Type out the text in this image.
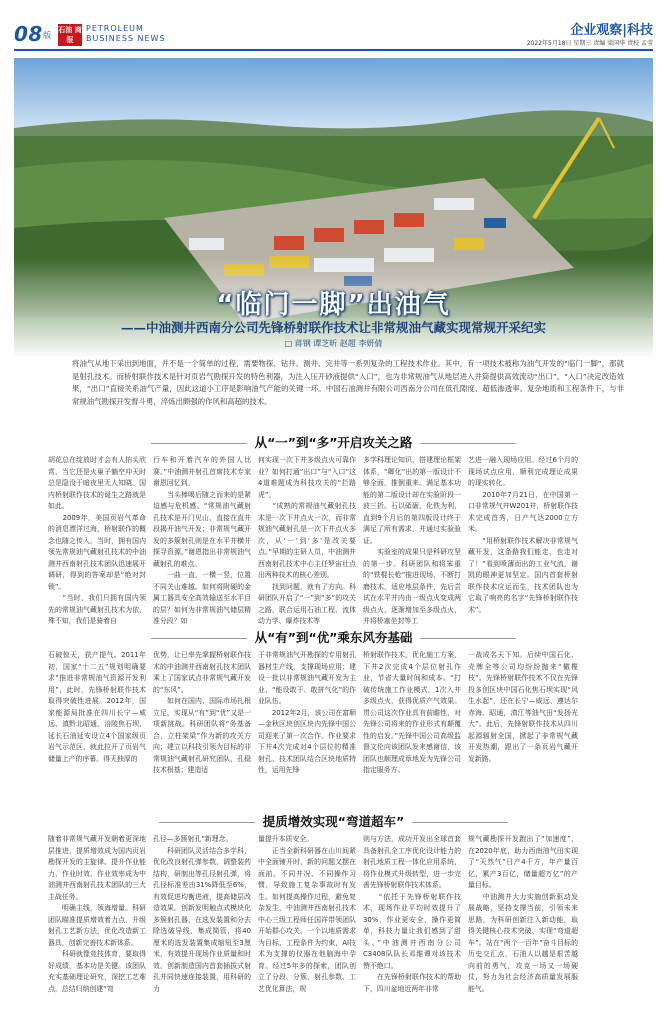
08 版
石油 商报
PETROLEUM
BUSINESS NEWS
企业观察|科技
2022年5月18日 星期三 责编 梁国华 责校 孟莹
“临门一脚”出油气
——中油测井西南分公司先锋桥射联作技术让非常规油气藏实现常规开采纪实
□ 蒋钢 谭芝昕 赵超 李妍倩
将油气从地下采出到地面，并不是一个简单的过程，需要物探、钻井、测井、完井等一系列复杂的工程技术作业。其中，有一项技术被称为油气开发的“临门一脚”，那就是射孔技术。而桥射联作技术是针对页岩气勘探开发的特色利器，为注入压开砂液提供“入口”，也为非常规油气从地层进入井筒提供高效流动“出口”。“入口”决定改造效果，“出口”直接关系油气产量，因此这道小工序是影响油气产能的关键一环。中国石油测井有限公司西南分公司在低孔隙度、超低渗透率、复杂地质和工程条件下，与非常规油气勘探开发督斗勇，淬炼出颇强的作风和高超的技术。
从“一”到“多”开启攻关之路
胡花总在绽放时才会有人拍头欣赏，当它还是火巢子躺空冲天时总是隐没于暗夜里无人知晓。国内桥射联作技术的诞生之路就是如此。
　　2009年，美国页岩气革命的消息漂洋过海，桥射联作的概念也随之传入。当时，拥有国内领先常规油气藏射孔技术的中油测井西南射孔技术团队迅速展开调研，得到的答案却是“绝对封锁”。
　　“当时，我们只拥有国内领先的常规油气藏射孔技术为依，殊不知，我们是骑着自
行车和开着汽车的外国人比赛。”中油测井射孔首席技术专家谢恩回忆到。
　　当头棒喝后随之而来的是紧迫感与危机感。“常规油气藏射孔技术是开门见山，直接在直井段揭开油气开发；非常规气藏开发的多簇射孔则是在水平井横井探寻资源。”谢恩指出非常规油气藏射孔的难点。
　　一曲一直，一横一竖，位置不同关山难越。如何将附硬的金属工器具安全高效输送至水平目的层？如何为非常规油气储层精准分段？如
何实现一次下井多级点火可靠作业？如何打通“出口”与“入口”这4道难题成为科技攻关的“拦路虎”。
　　“成熟的常规油气藏射孔技术是一次下井点火一次，而非常规油气藏射孔是一次下井点火多次，从‘一’到‘多’是改关要点。”早期的主研人员，中油测井西南射孔技术中心主任罗宙壮点出两种技术的核心差别。
　　找到问题，就有了方向。科研团队开启了“一”到“多”的攻关之路，联合运用石油工程、流体动力学、爆炸技术等
多学科理论知识，搭建理论框架体系，“卿化”出的第一版设计不够全面，推倒重来。满足基本功能的第二版设计却在实验阶段一波三折。石以砥砺，化铁为利，直到9个月后的第四版设计终于满足了所有需求，并通过实验验证。
　　实验室的成果只是科研攻坚的第一步。科研团队和将笨重的“铁棍长枪”推进现场，不断打磨技术，适应地层条件，先后尝试在水平井内由一级点火变成两级点火，逐渐增加至多级点火，并将桥塞坐封等工
艺进一融入现场应用。经过6个月的现场试点应用，顺利完成理论成果的现实转化。
　　2010年7月21日，在中国第一口非常规气井W201井，桥射联作技术完成首秀，日产气达2000立方米。
　　“用桥射联作技术解决非常规气藏开发，这条路我们能走，也走对了！”看到喷薄而出的工业气流，谢凯的眼神更加坚定。国内首套桥射联作技术应运而生，技术团队也为它取了响亮的名字“先锋桥射联作技术”。
从“有”到“优”乘东风夯基础
石破惊天，获产提气。2011年初，国家“十二五”规划明确要求“推进非常规油气资源开发利用”，此时，先锋桥射联作技术取得突破性进展。2012年，国家能源局批准在四川长宁—威远、滇黔北昭通，涪陵焦石坝、延长石油延安设立4个国家级页岩气示范区，就此拉开了页岩气储量上产的序幕。得天独厚的
优势，让已率先掌握桥射联作技术的中油测井西南射孔技术团队乘上了国家试点非常规气藏开发的“东风”。
　　如何在国内、国际市场扎根立足，实现从“有”到“优”又是一项新挑战。科研团队将“务基备合，立柱架梁”作为新的攻关方向；建立以科技引领为目标的非常规油气藏射孔研究团队，孔稳技术根基；建造适
于非常规油气开勘探的专用射孔器材生产线，支撑现场应用；建设一批以非常规油气藏开发为主业、“能设敢干、敢拼气化”的作业队伍。
　　2012年2月，该公司在富顺—金秋区块创区块内先锋中国公司迎来了第一次合作。作业要求下井4次完成对4个层位的精准射孔，技术团队结合区块地质特性，运用先锋
桥射联作技术，优化施工方案，下井2次完成4个层位射孔作业，节省大量时间和成本。“打破传统施工作业模式，1次入井多级点火，获得优质产气效果。贯公司这次作业具有前瞻性，对先锋公司将来的作业形式有颠覆性的启发。”先锋中国公司高级监督文伦向该团队发来感谢信，该团队也顺理成章地发为先锋公司指定服务方。
一战成名天下知。后续中国石化、壳牌全等公司均纷纷抛来“橄榄枝”。先锋桥射联作技术不仅在先锋投多创区块中国石化焦石坝实现“风生水起”，还在长宁—威远、遵达尔赤海、昭通，滇江等油气田“发扬光大”。此后，先锋射联作技术从四川起源辐射全国，掀起了非常规气藏开发热潮，跟出了一条页岩气藏开发新路。
提质增效实现“弯道超车”
随着非常规气藏开发朝着更深地层推进，提质增效成为国内页岩勘探开发的主旋律。提升作业能力、作业时效、作业效率成为中油测井西南射孔技术团队的三大主战任务。
　　明确主线，领海增量。科研团队瞄准提质增效着力点，升级射孔工艺新方法，优化改造新工器具，创新完善技术新体系。
　　科研就像竞技体育，要取得好成绩，基本功是关键。该团队充实基础理论研究，深挖工艺难点，总结归纳创建“弯
孔径—多簇射孔”新理念。
　　科研团队灵活结合多学科，优化改良射孔弹参数，调整装药结构，研制出等孔径射孔弹，将孔径标准差由31%降低至6%，有效促进均衡进液，提高储层改造效果。创新发明触点式模块化多簇射孔器，在选发装置和分去除选破导线，集成简管，将40厘米的选发装置集成缩短至3厘米，有效提升现场作业质量和时效。创新制造国内首套插拔式射孔并同快速连接装置，用科研的力
量提升本质安全。
　　正当全新科研器在山川间紧中全面铺开时，新的问题又摆在面前。不同井况、不同操作习惯，导致施工复杂事故时有发生。如何提高操作过程，避免复杂发生，中油测井西南射孔技术中心三级工程师任国祥带领团队开始群心攻关。一个以地质需求为目标，工程条件为约束，AI技术为支撑的仪器在他脑海中孕育。经过5年多的探索，团队创立了分段、分簇、射孔参数、工艺优化算法，规
则与方法，成功开发出全球首套具备射孔全工序优化设计能力的射孔地质工程一体化应用系统，将作业模式升级转型，进一步完善先锋桥射联作技术体系。
　　“依托于先锋桥射联作技术，现场作业平均时效提升了30%，作业更安全，操作更简单，科技力量让我们感到了甜头。”中油测井西南分公司C3408队队长邓维谭对该技术赞不绝口。
　　在先锋桥射联作技术的帮助下，四川盆地近两年非常
规气藏勘探开发跑出了“加速度”，在2020年底，助力西南油气田实现了“天然气”日产4千方，年产量百亿，累产3百亿，储量超万亿”的产量目标。
　　中油测井大力实施创新驱动发展战略，坚持支撑当前，引领未来思路，为科研创新注入新动能，取得关键核心技术突破，实现“弯道超车”。站在“两个一百年”奋斗目标的历史交汇点，石油人以越是艰苦越向前的勇气，攻克一场又一场硬仗，努力为社会经济高质量发展服能气。
